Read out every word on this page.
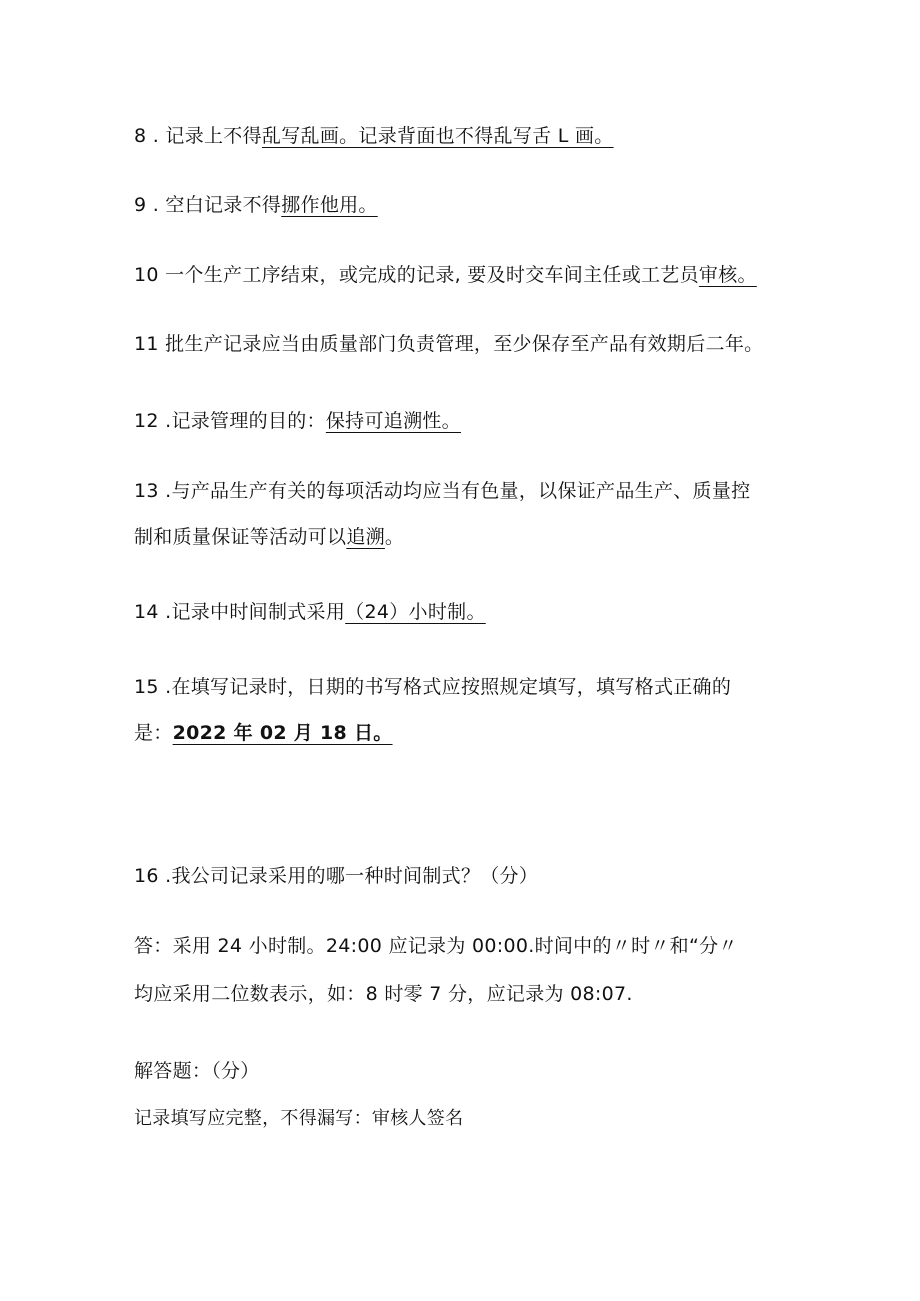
8 . 记录上不得乱写乱画。记录背面也不得乱写舌 L 画。
9 . 空白记录不得挪作他用。
10 一个生产工序结束，或完成的记录, 要及时交车间主任或工艺员审核。
11 批生产记录应当由质量部门负责管理，至少保存至产品有效期后二年。
12 .记录管理的目的：保持可追溯性。
13 .与产品生产有关的每项活动均应当有色量，以保证产品生产、质量控
制和质量保证等活动可以追溯。
14 .记录中时间制式采用（24）小时制。
15 .在填写记录时，日期的书写格式应按照规定填写，填写格式正确的
是：2022 年 02 月 18 日。
16 .我公司记录采用的哪一种时间制式？（分）
答：采用 24 小时制。24:00 应记录为 00:00.时间中的〃时〃和“分〃
均应采用二位数表示，如：8 时零 7 分，应记录为 08:07.
解答题：（分）
记录填写应完整，不得漏写：审核人签名
